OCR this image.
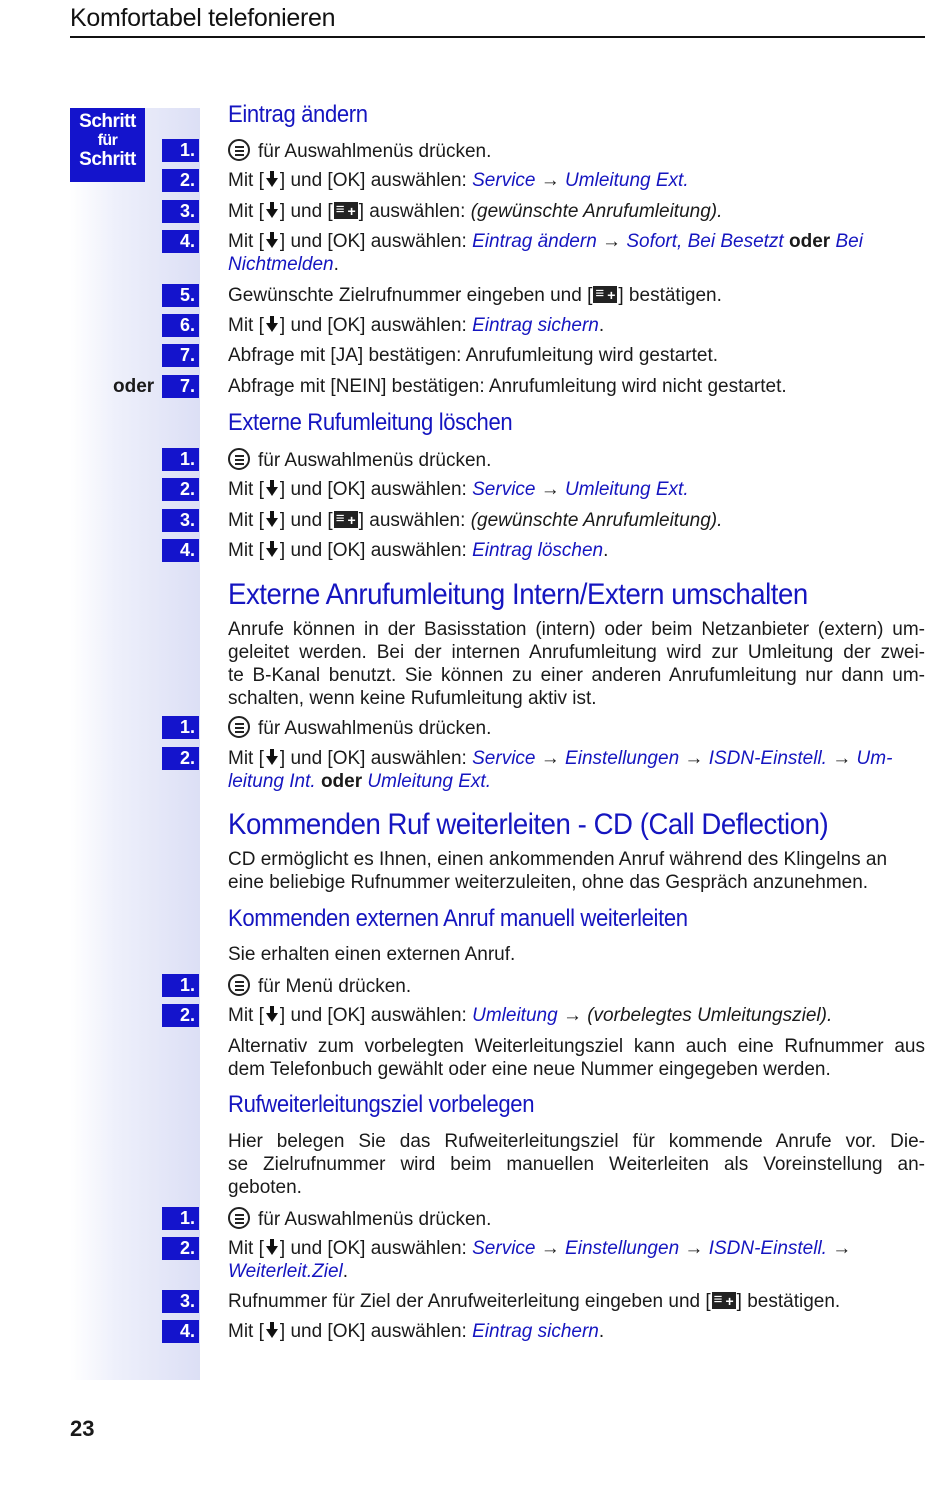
Komfortabel telefonieren
Schritt
für
Schritt
Eintrag ändern
1.	für Auswahlmenüs drücken.
2. Mit [ ] und [OK] auswählen: Service → Umleitung Ext.
3. Mit [ ] und [ ≡ + ] auswählen: (gewünschte Anrufumleitung).
4. Mit [ ] und [OK] auswählen: Eintrag ändern → Sofort, Bei Besetzt oder Bei
Nichtmelden.
5. Gewünschte Zielrufnummer eingeben und [ ≡ + ] bestätigen.
6. Mit [ ] und [OK] auswählen: Eintrag sichern.
7. Abfrage mit [JA] bestätigen: Anrufumleitung wird gestartet.
oder	7. Abfrage mit [NEIN] bestätigen: Anrufumleitung wird nicht gestartet.
Externe Rufumleitung löschen
1.	für Auswahlmenüs drücken.
2. Mit [ ] und [OK] auswählen: Service → Umleitung Ext.
3. Mit [ ] und [ ≡ + ] auswählen: (gewünschte Anrufumleitung).
4. Mit [ ] und [OK] auswählen: Eintrag löschen.
Externe Anrufumleitung Intern/Extern umschalten
Anrufe können in der Basisstation (intern) oder beim Netzanbieter (extern) um-
geleitet werden. Bei der internen Anrufumleitung wird zur Umleitung der zwei-
te B-Kanal benutzt. Sie können zu einer anderen Anrufumleitung nur dann um-
schalten, wenn keine Rufumleitung aktiv ist.
1.	für Auswahlmenüs drücken.
2. Mit [ ] und [OK] auswählen: Service → Einstellungen → ISDN-Einstell. → Um-
leitung Int. oder Umleitung Ext.
Kommenden Ruf weiterleiten - CD (Call Deflection)
CD ermöglicht es Ihnen, einen ankommenden Anruf während des Klingelns an
eine beliebige Rufnummer weiterzuleiten, ohne das Gespräch anzunehmen.
Kommenden externen Anruf manuell weiterleiten
Sie erhalten einen externen Anruf.
1.	für Menü drücken.
2. Mit [ ] und [OK] auswählen: Umleitung → (vorbelegtes Umleitungsziel).
Alternativ zum vorbelegten Weiterleitungsziel kann auch eine Rufnummer aus
dem Telefonbuch gewählt oder eine neue Nummer eingegeben werden.
Rufweiterleitungsziel vorbelegen
Hier belegen Sie das Rufweiterleitungsziel für kommende Anrufe vor. Die-
se Zielrufnummer wird beim manuellen Weiterleiten als Voreinstellung an-
geboten.
1.	für Auswahlmenüs drücken.
2. Mit [ ] und [OK] auswählen: Service → Einstellungen → ISDN-Einstell. →
Weiterleit.Ziel.
3. Rufnummer für Ziel der Anrufweiterleitung eingeben und [ ≡ + ] bestätigen.
4. Mit [ ] und [OK] auswählen: Eintrag sichern.
23
